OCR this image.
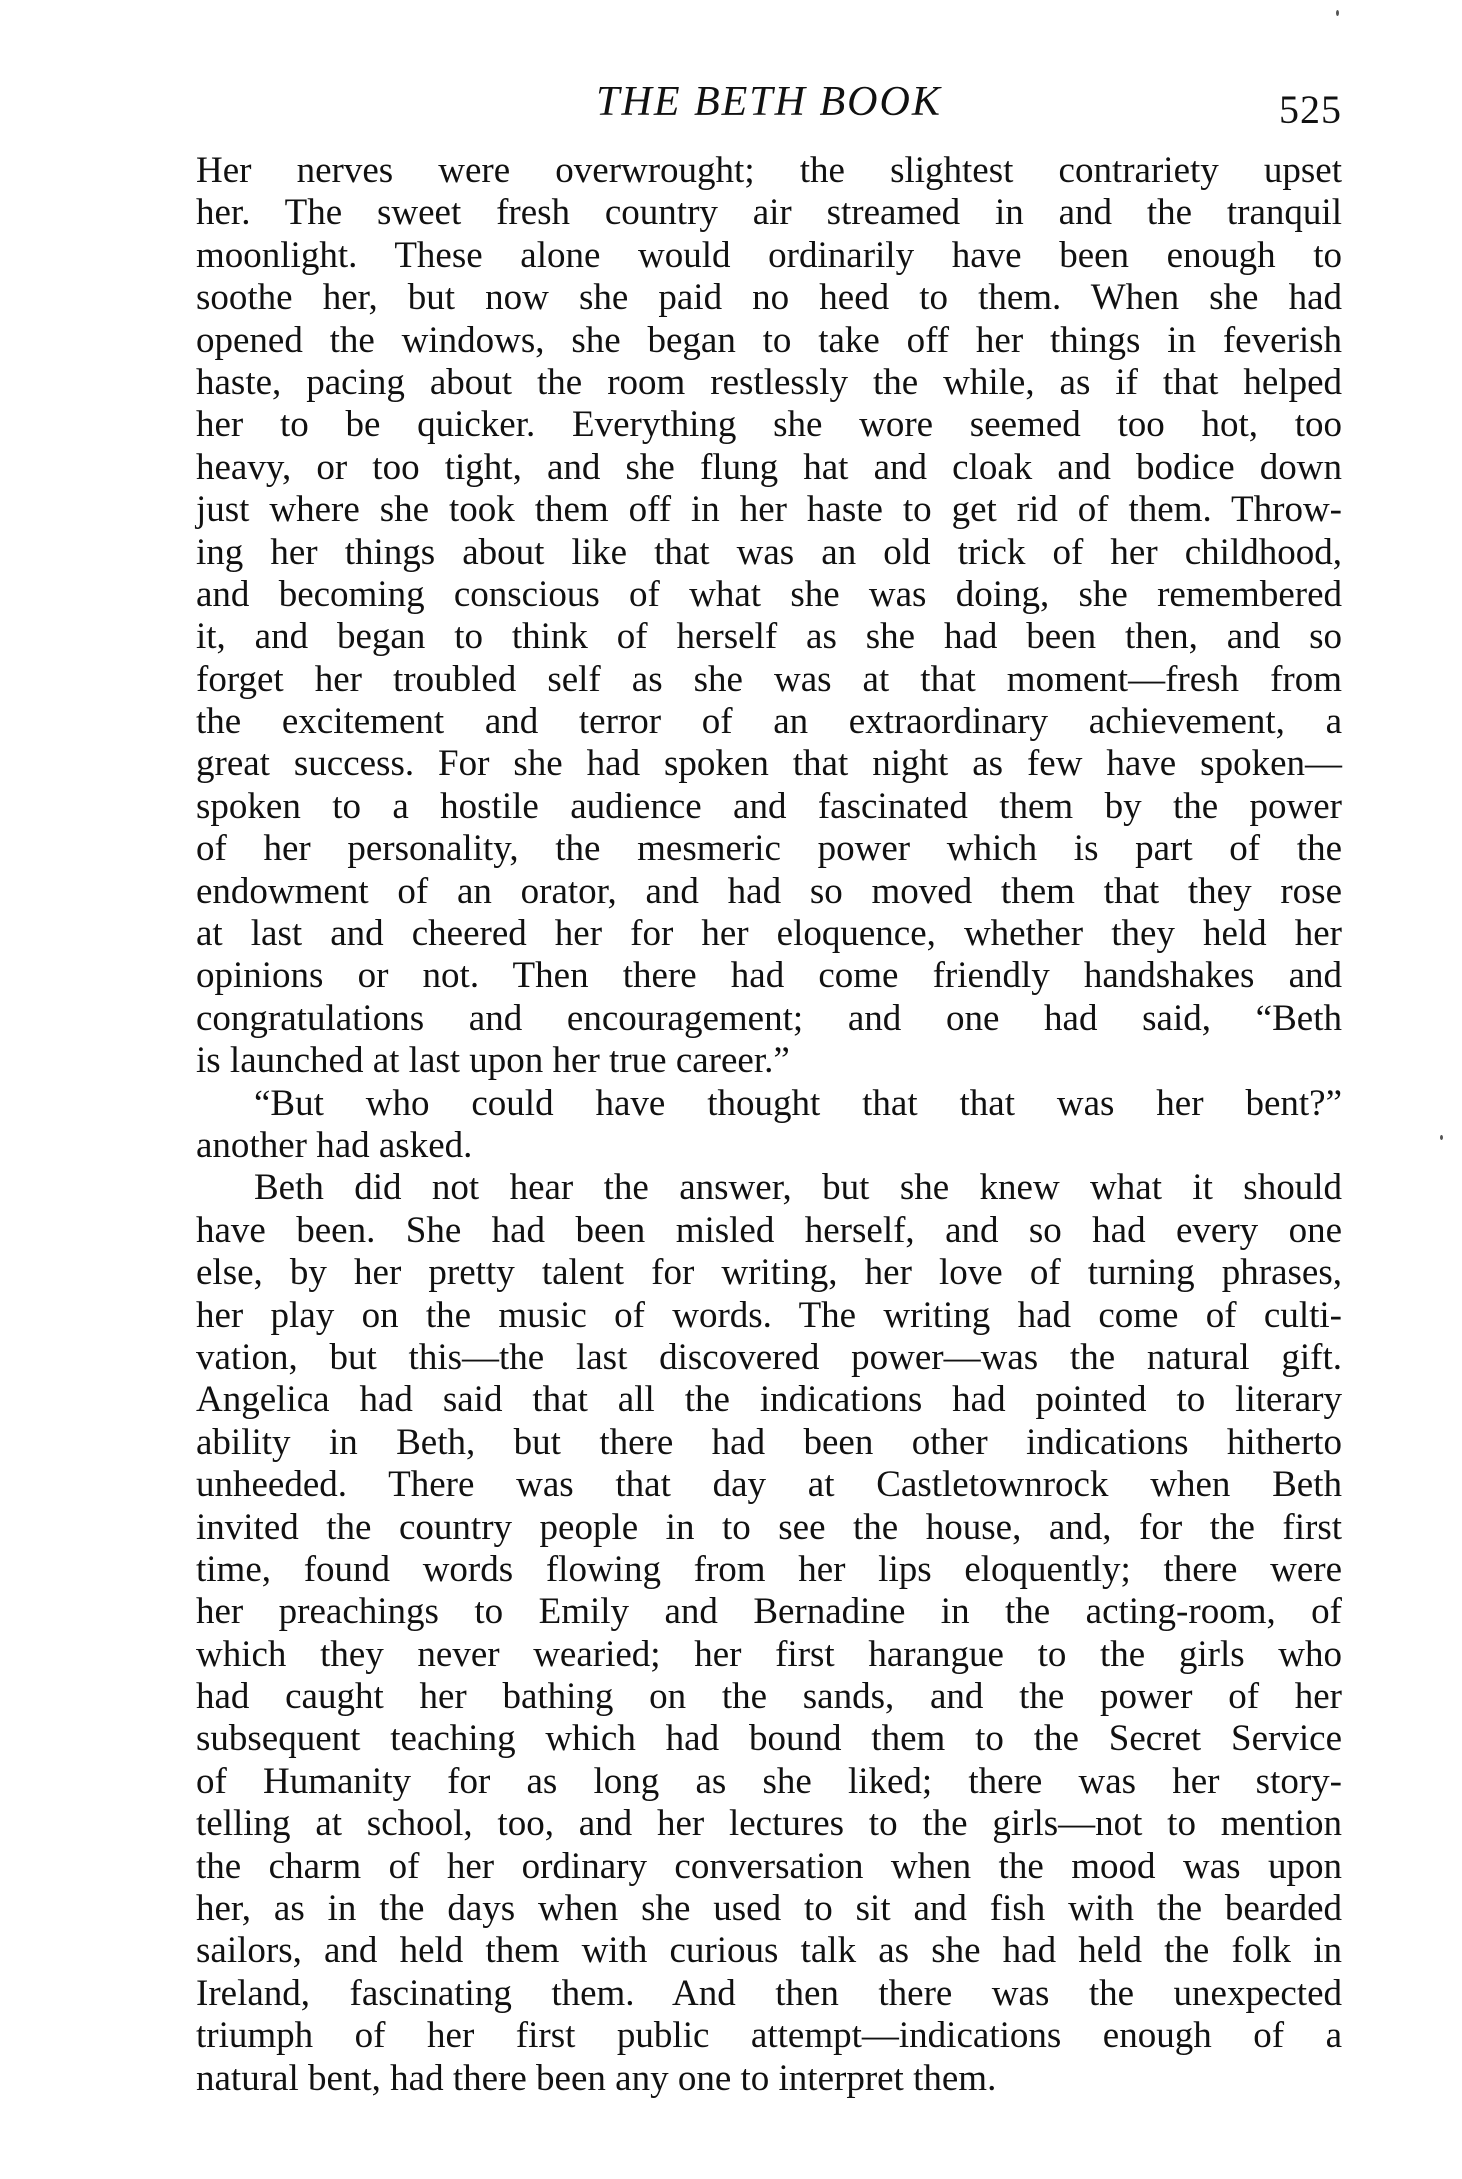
THE BETH BOOK	525
Her nerves were overwrought; the slightest contrariety upset
her. The sweet fresh country air streamed in and the tranquil
moonlight. These alone would ordinarily have been enough to
soothe her, but now she paid no heed to them. When she had
opened the windows, she began to take off her things in feverish
haste, pacing about the room restlessly the while, as if that helped
her to be quicker. Everything she wore seemed too hot, too
heavy, or too tight, and she flung hat and cloak and bodice down
just where she took them off in her haste to get rid of them. Throw-
ing her things about like that was an old trick of her childhood,
and becoming conscious of what she was doing, she remembered
it, and began to think of herself as she had been then, and so
forget her troubled self as she was at that moment—fresh from
the excitement and terror of an extraordinary achievement, a
great success. For she had spoken that night as few have spoken—
spoken to a hostile audience and fascinated them by the power
of her personality, the mesmeric power which is part of the
endowment of an orator, and had so moved them that they rose
at last and cheered her for her eloquence, whether they held her
opinions or not. Then there had come friendly handshakes and
congratulations and encouragement; and one had said, “Beth
is launched at last upon her true career.”
“But who could have thought that that was her bent?”
another had asked.
Beth did not hear the answer, but she knew what it should
have been. She had been misled herself, and so had every one
else, by her pretty talent for writing, her love of turning phrases,
her play on the music of words. The writing had come of culti-
vation, but this—the last discovered power—was the natural gift.
Angelica had said that all the indications had pointed to literary
ability in Beth, but there had been other indications hitherto
unheeded. There was that day at Castletownrock when Beth
invited the country people in to see the house, and, for the first
time, found words flowing from her lips eloquently; there were
her preachings to Emily and Bernadine in the acting-room, of
which they never wearied; her first harangue to the girls who
had caught her bathing on the sands, and the power of her
subsequent teaching which had bound them to the Secret Service
of Humanity for as long as she liked; there was her story-
telling at school, too, and her lectures to the girls—not to mention
the charm of her ordinary conversation when the mood was upon
her, as in the days when she used to sit and fish with the bearded
sailors, and held them with curious talk as she had held the folk in
Ireland, fascinating them. And then there was the unexpected
triumph of her first public attempt—indications enough of a
natural bent, had there been any one to interpret them.
